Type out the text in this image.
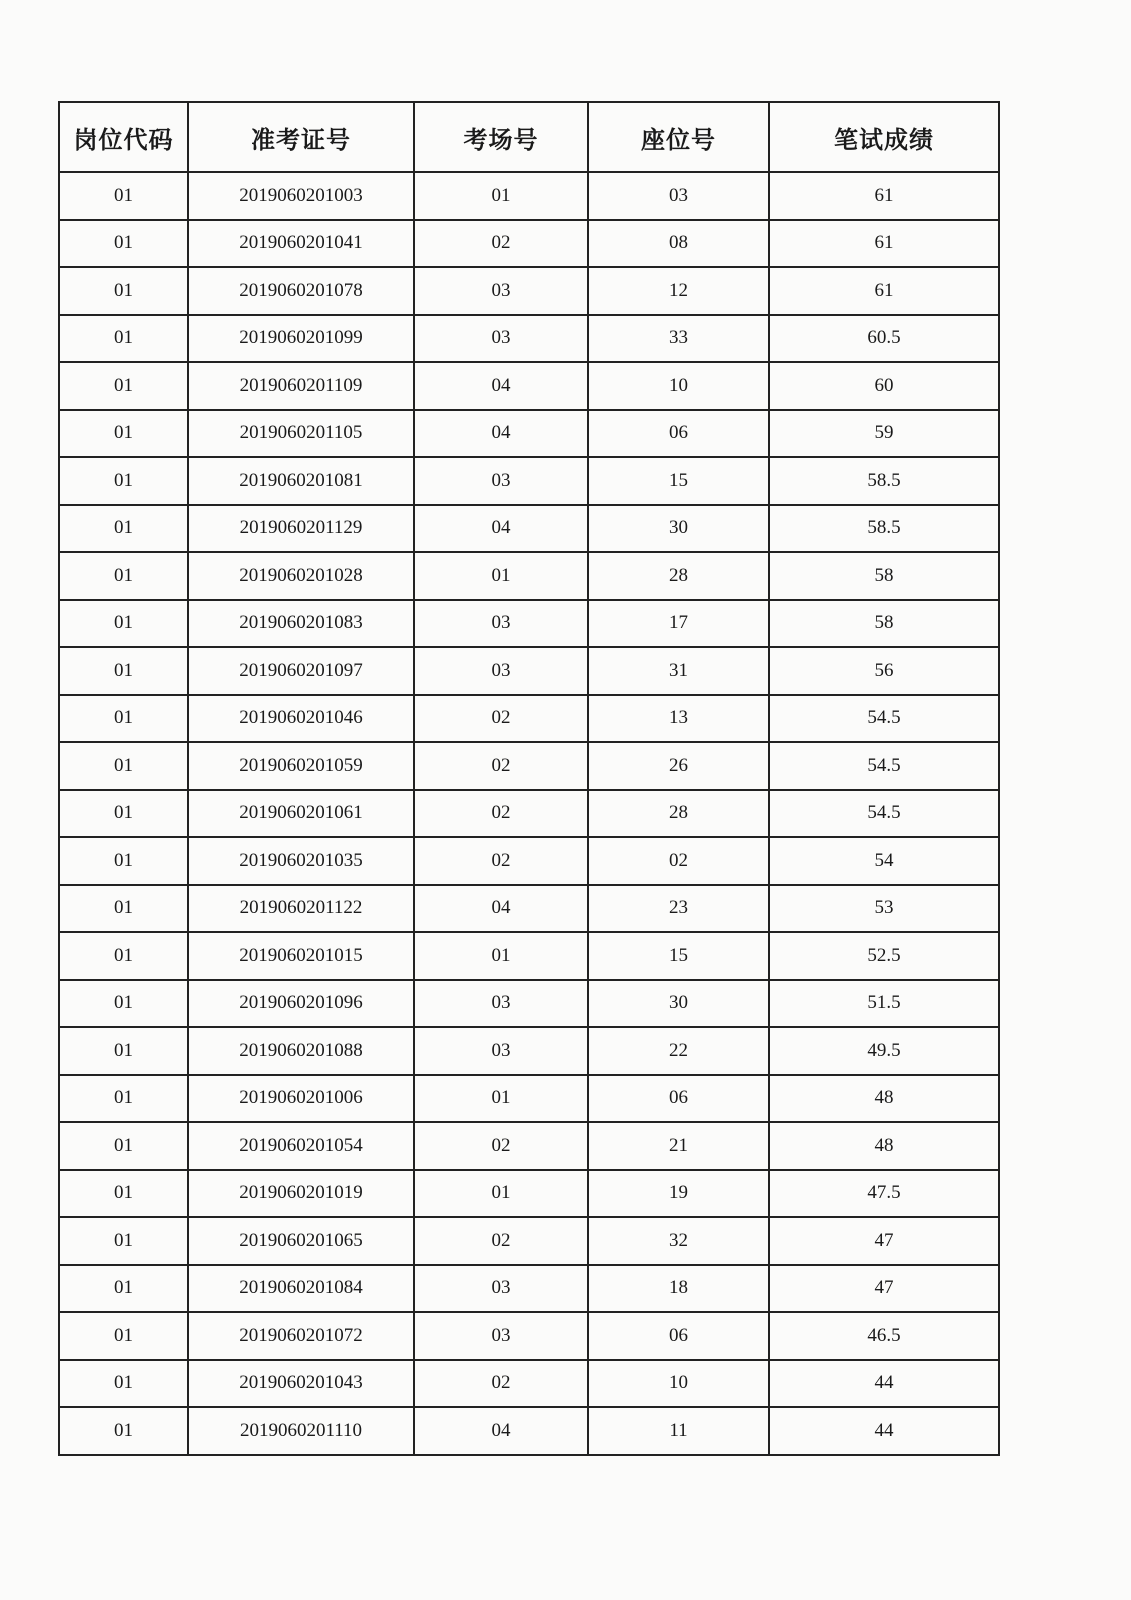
岗位代码	准考证号	考场号	座位号	笔试成绩
01	2019060201003	01	03	61
01	2019060201041	02	08	61
01	2019060201078	03	12	61
01	2019060201099	03	33	60.5
01	2019060201109	04	10	60
01	2019060201105	04	06	59
01	2019060201081	03	15	58.5
01	2019060201129	04	30	58.5
01	2019060201028	01	28	58
01	2019060201083	03	17	58
01	2019060201097	03	31	56
01	2019060201046	02	13	54.5
01	2019060201059	02	26	54.5
01	2019060201061	02	28	54.5
01	2019060201035	02	02	54
01	2019060201122	04	23	53
01	2019060201015	01	15	52.5
01	2019060201096	03	30	51.5
01	2019060201088	03	22	49.5
01	2019060201006	01	06	48
01	2019060201054	02	21	48
01	2019060201019	01	19	47.5
01	2019060201065	02	32	47
01	2019060201084	03	18	47
01	2019060201072	03	06	46.5
01	2019060201043	02	10	44
01	2019060201110	04	11	44
